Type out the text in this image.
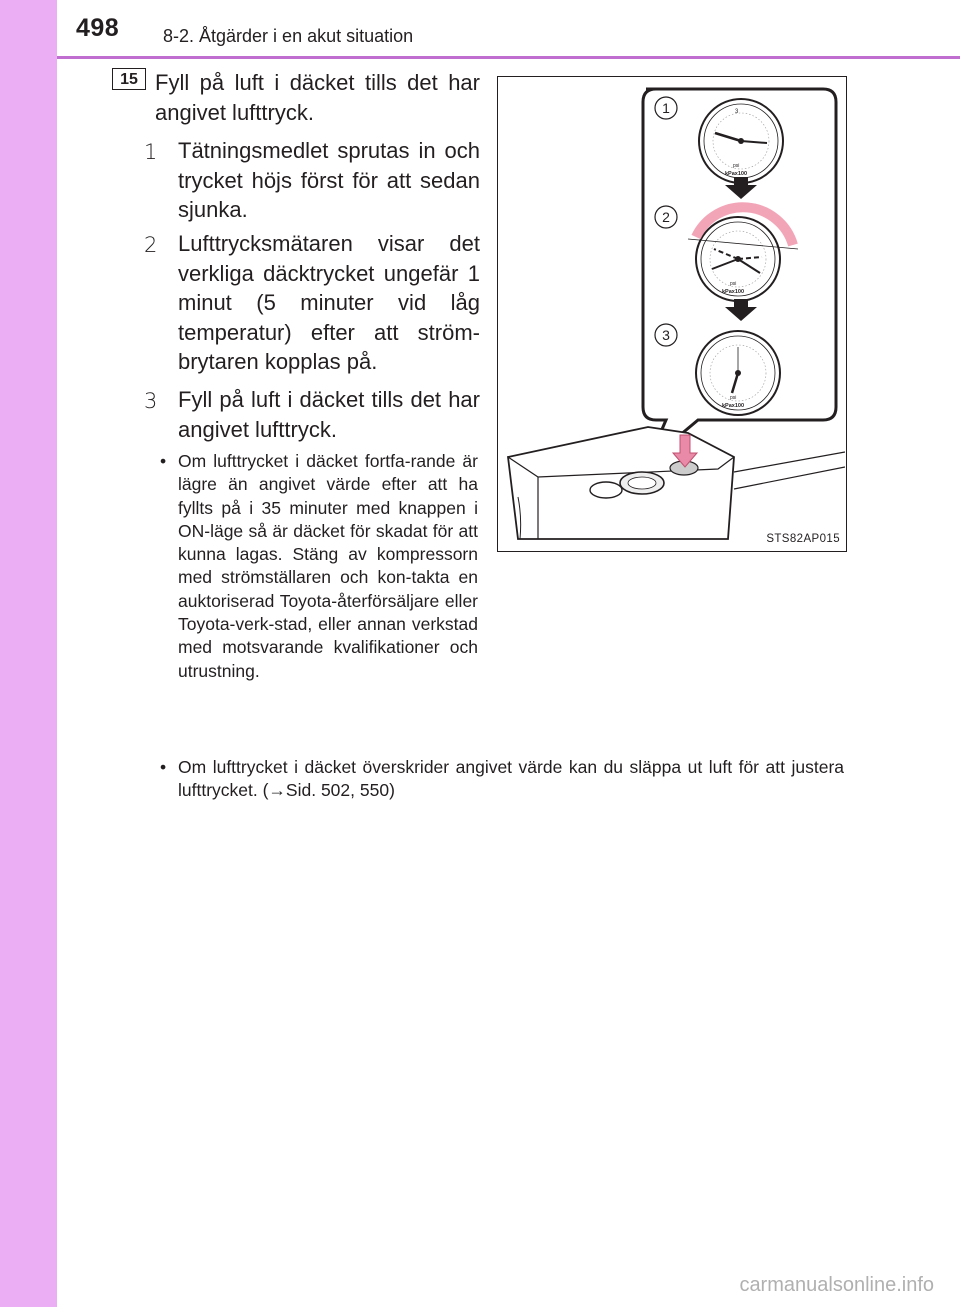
498 8-2. Åtgärder i en akut situation
15 Fyll på luft i däcket tills det har angivet lufttryck.
1 Tätningsmedlet sprutas in och trycket höjs först för att sedan sjunka.
2 Lufttrycksmätaren visar det verkliga däcktrycket ungefär 1 minut (5 minuter vid låg temperatur) efter att ström-brytaren kopplas på.
3 Fyll på luft i däcket tills det har angivet lufttryck.
• Om lufttrycket i däcket fortfa-rande är lägre än angivet värde efter att ha fyllts på i 35 minuter med knappen i ON-läge så är däcket för skadat för att kunna lagas. Stäng av kompressorn med strömställaren och kon-takta en auktoriserad Toyota-återförsäljare eller Toyota-verk-stad, eller annan verkstad med motsvarande kvalifikationer och utrustning.
• Om lufttrycket i däcket överskrider angivet värde kan du släppa ut luft för att justera lufttrycket. (→Sid. 502, 550)
3
psi
kPax100
psi
kPax100
psi
kPax100
1
2
3
STS82AP015
carmanualsonline.info
